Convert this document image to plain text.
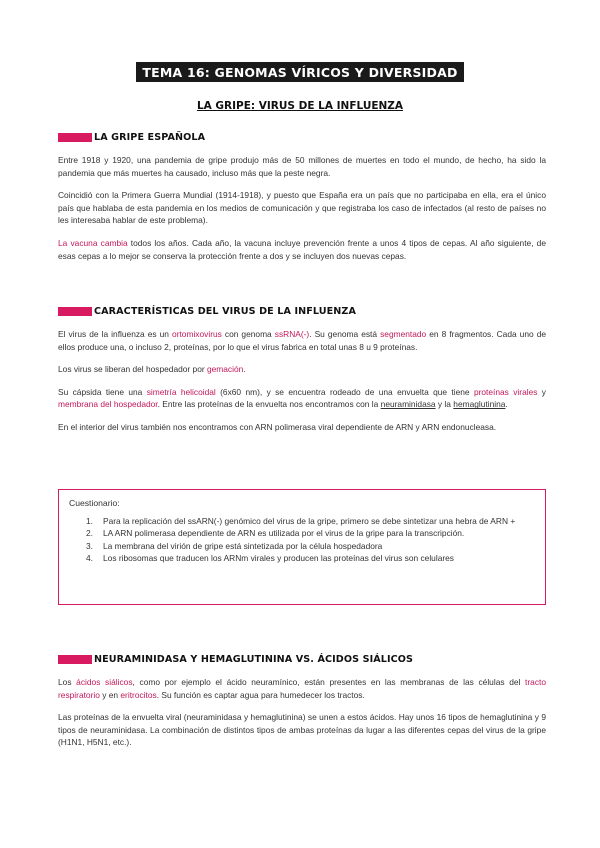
TEMA 16: GENOMAS VÍRICOS Y DIVERSIDAD
LA GRIPE: VIRUS DE LA INFLUENZA
LA GRIPE ESPAÑOLA

Entre 1918 y 1920, una pandemia de gripe produjo más de 50 millones de muertes en todo el mundo, de hecho, ha sido la pandemia que más muertes ha causado, incluso más que la peste negra.

Coincidió con la Primera Guerra Mundial (1914-1918), y puesto que España era un país que no participaba en ella, era el único país que hablaba de esta pandemia en los medios de comunicación y que registraba los caso de infectados (al resto de países no les interesaba hablar de este problema).

La vacuna cambia todos los años. Cada año, la vacuna incluye prevención frente a unos 4 tipos de cepas. Al año siguiente, de esas cepas a lo mejor se conserva la protección frente a dos y se incluyen dos nuevas cepas.

CARACTERÍSTICAS DEL VIRUS DE LA INFLUENZA

El virus de la influenza es un ortomixovirus con genoma ssRNA(-). Su genoma está segmentado en 8 fragmentos. Cada uno de ellos produce una, o incluso 2, proteínas, por lo que el virus fabrica en total unas 8 u 9 proteínas.

Los virus se liberan del hospedador por gemación.

Su cápsida tiene una simetría helicoidal (6x60 nm), y se encuentra rodeado de una envuelta que tiene proteínas virales y membrana del hospedador. Entre las proteínas de la envuelta nos encontramos con la neuraminidasa y la hemaglutinina.

En el interior del virus también nos encontramos con ARN polimerasa viral dependiente de ARN y ARN endonucleasa.

Cuestionario:
1.	Para la replicación del ssARN(-) genómico del virus de la gripe, primero se debe sintetizar una hebra de ARN +
2.	LA ARN polimerasa dependiente de ARN es utilizada por el virus de la gripe para la transcripción.
3.	La membrana del virión de gripe está sintetizada por la célula hospedadora
4.	Los ribosomas que traducen los ARNm virales y producen las proteínas del virus son celulares
NEURAMINIDASA Y HEMAGLUTININA VS. ÁCIDOS SIÁLICOS

Los ácidos siálicos, como por ejemplo el ácido neuramínico, están presentes en las membranas de las células del tracto respiratorio y en eritrocitos. Su función es captar agua para humedecer los tractos.

Las proteínas de la envuelta viral (neuraminidasa y hemaglutinina) se unen a estos ácidos. Hay unos 16 tipos de hemaglutinina y 9 tipos de neuraminidasa. La combinación de distintos tipos de ambas proteínas da lugar a las diferentes cepas del virus de la gripe (H1N1, H5N1, etc.).
